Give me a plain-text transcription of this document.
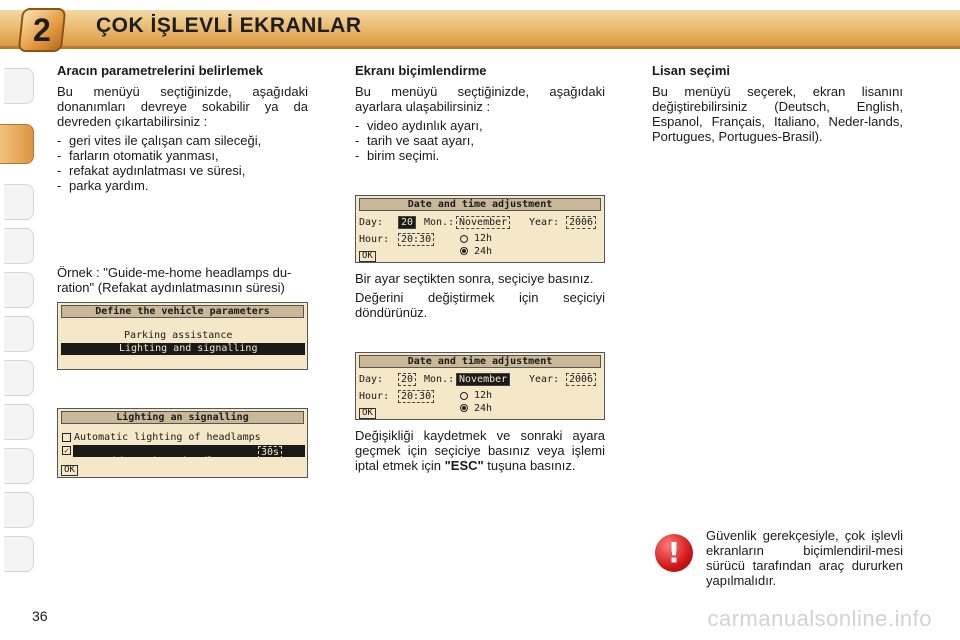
2 ÇOK İŞLEVLİ EKRANLAR
Aracın parametrelerini belirlemek

Bu menüyü seçtiğinizde, aşağıdaki donanımları devreye sokabilir ya da devreden çıkartabilirsiniz :

- geri vites ile çalışan cam sileceği,
- farların otomatik yanması,
- refakat aydınlatması ve süresi,
- parka yardım.

Örnek : "Guide-me-home headlamps du-ration" (Refakat aydınlatmasının süresi)

Define the vehicle parameters
Parking assistance
Lighting and signalling
Lighting an signalling
Automatic lighting of headlamps
✓

Guide-me-home headlamps

30s
OK
Ekranı biçimlendirme

Bu menüyü seçtiğinizde, aşağıdaki ayarlara ulaşabilirsiniz :

- video aydınlık ayarı,
- tarih ve saat ayarı,
- birim seçimi.
Date and time adjustment
Day:	20	Mon.: November	Year: 2006
Hour:	20:30	12h
24h
OK

Bir ayar seçtikten sonra, seçiciye basınız.

Değerini değiştirmek için seçiciyi döndürünüz.

Date and time adjustment
Day:	20	Mon.: November	Year: 2006
Hour:	20:30	12h
24h
OK

Değişikliği kaydetmek ve sonraki ayara geçmek için seçiciye basınız veya işlemi iptal etmek için "ESC" tuşuna basınız.

Lisan seçimi

Bu menüyü seçerek, ekran lisanını değiştirebilirsiniz (Deutsch, English, Espanol, Français, Italiano, Neder-lands, Portugues, Portugues-Brasil).

!

Güvenlik gerekçesiyle, çok işlevli ekranların biçimlendiril-mesi sürücü tarafından araç dururken yapılmalıdır.

36	carmanualsonline.info
